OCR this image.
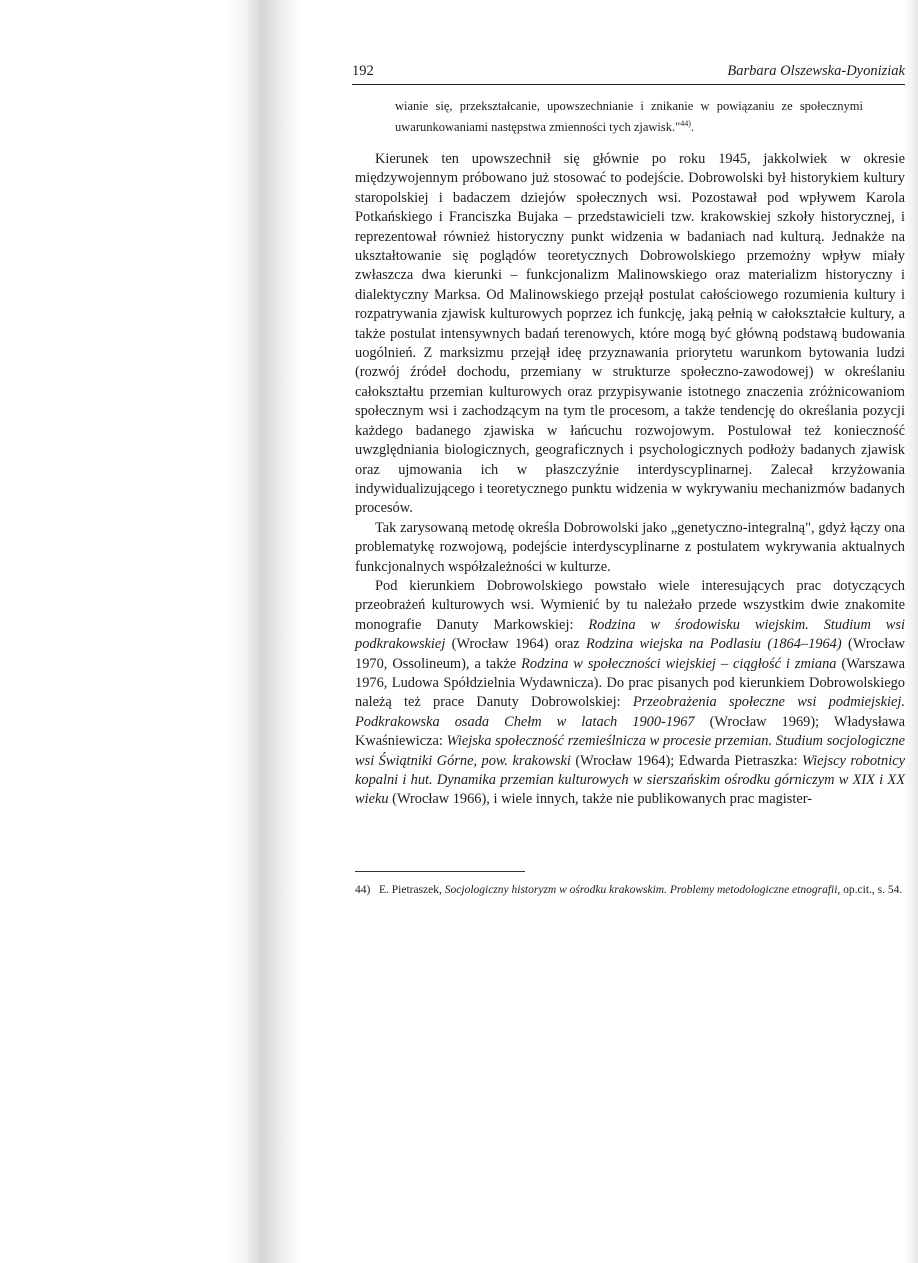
192	Barbara Olszewska-Dyoniziak
wianie się, przekształcanie, upowszechnianie i znikanie w powiązaniu ze społecznymi uwarunkowaniami następstwa zmienności tych zjawisk."$^{44)}$.

Kierunek ten upowszechnił się głównie po roku 1945, jakkolwiek w okresie międzywojennym próbowano już stosować to podejście. Dobrowolski był historykiem kultury staropolskiej i badaczem dziejów społecznych wsi. Pozostawał pod wpływem Karola Potkańskiego i Franciszka Bujaka – przedstawicieli tzw. krakowskiej szkoły historycznej, i reprezentował również historyczny punkt widzenia w badaniach nad kulturą. Jednakże na ukształtowanie się poglądów teoretycznych Dobrowolskiego przemożny wpływ miały zwłaszcza dwa kierunki – funkcjonalizm Malinowskiego oraz materializm historyczny i dialektyczny Marksa. Od Malinowskiego przejął postulat całościowego rozumienia kultury i rozpatrywania zjawisk kulturowych poprzez ich funkcję, jaką pełnią w całokształcie kultury, a także postulat intensywnych badań terenowych, które mogą być główną podstawą budowania uogólnień. Z marksizmu przejął ideę przyznawania priorytetu warunkom bytowania ludzi (rozwój źródeł dochodu, przemiany w strukturze społeczno-zawodowej) w określaniu całokształtu przemian kulturowych oraz przypisywanie istotnego znaczenia zróżnicowaniom społecznym wsi i zachodzącym na tym tle procesom, a także tendencję do określania pozycji każdego badanego zjawiska w łańcuchu rozwojowym. Postulował też konieczność uwzględniania biologicznych, geograficznych i psychologicznych podłoży badanych zjawisk oraz ujmowania ich w płaszczyźnie interdyscyplinarnej. Zalecał krzyżowania indywidualizującego i teoretycznego punktu widzenia w wykrywaniu mechanizmów badanych procesów.

Tak zarysowaną metodę określa Dobrowolski jako „genetyczno-integralną", gdyż łączy ona problematykę rozwojową, podejście interdyscyplinarne z postulatem wykrywania aktualnych funkcjonalnych współzależności w kulturze.

Pod kierunkiem Dobrowolskiego powstało wiele interesujących prac dotyczących przeobrażeń kulturowych wsi. Wymienić by tu należało przede wszystkim dwie znakomite monografie Danuty Markowskiej: Rodzina w środowisku wiejskim. Studium wsi podkrakowskiej (Wrocław 1964) oraz Rodzina wiejska na Podlasiu (1864–1964) (Wrocław 1970, Ossolineum), a także Rodzina w społeczności wiejskiej – ciągłość i zmiana (Warszawa 1976, Ludowa Spółdzielnia Wydawnicza). Do prac pisanych pod kierunkiem Dobrowolskiego należą też prace Danuty Dobrowolskiej: Przeobrażenia społeczne wsi podmiejskiej. Podkrakowska osada Chełm w latach 1900-1967 (Wrocław 1969); Władysława Kwaśniewicza: Wiejska społeczność rzemieślnicza w procesie przemian. Studium socjologiczne wsi Świątniki Górne, pow. krakowski (Wrocław 1964); Edwarda Pietraszka: Wiejscy robotnicy kopalni i hut. Dynamika przemian kulturowych w sierszańskim ośrodku górniczym w XIX i XX wieku (Wrocław 1966), i wiele innych, także nie publikowanych prac magister-

44) E. Pietraszek, Socjologiczny historyzm w ośrodku krakowskim. Problemy metodologiczne etnografii, op.cit., s. 54.
